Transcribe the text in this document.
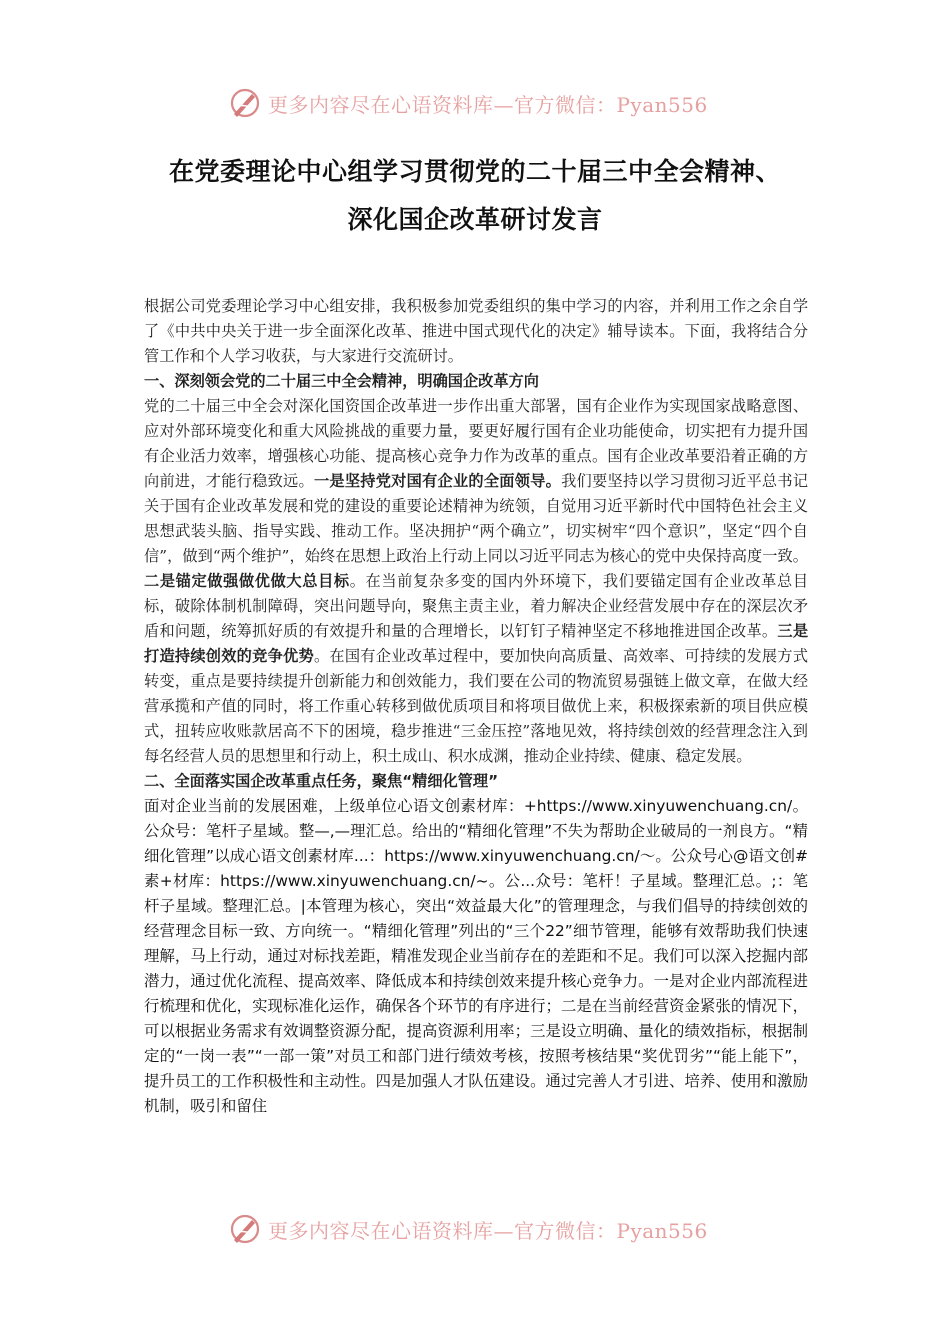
更多内容尽在心语资料库—官方微信：Pyan556
在党委理论中心组学习贯彻党的二十届三中全会精神、
深化国企改革研讨发言

根据公司党委理论学习中心组安排，我积极参加党委组织的集中学习的内容，并利用工作之余自学了《中共中央关于进一步全面深化改革、推进中国式现代化的决定》辅导读本。下面，我将结合分管工作和个人学习收获，与大家进行交流研讨。

一、深刻领会党的二十届三中全会精神，明确国企改革方向

党的二十届三中全会对深化国资国企改革进一步作出重大部署，国有企业作为实现国家战略意图、应对外部环境变化和重大风险挑战的重要力量，要更好履行国有企业功能使命，切实把有力提升国有企业活力效率，增强核心功能、提高核心竞争力作为改革的重点。国有企业改革要沿着正确的方向前进，才能行稳致远。一是坚持党对国有企业的全面领导。我们要坚持以学习贯彻习近平总书记关于国有企业改革发展和党的建设的重要论述精神为统领，自觉用习近平新时代中国特色社会主义思想武装头脑、指导实践、推动工作。坚决拥护“两个确立”，切实树牢“四个意识”，坚定“四个自信”，做到“两个维护”，始终在思想上政治上行动上同以习近平同志为核心的党中央保持高度一致。二是锚定做强做优做大总目标。在当前复杂多变的国内外环境下，我们要锚定国有企业改革总目标，破除体制机制障碍，突出问题导向，聚焦主责主业，着力解决企业经营发展中存在的深层次矛盾和问题，统筹抓好质的有效提升和量的合理增长，以钉钉子精神坚定不移地推进国企改革。三是打造持续创效的竞争优势。在国有企业改革过程中，要加快向高质量、高效率、可持续的发展方式转变，重点是要持续提升创新能力和创效能力，我们要在公司的物流贸易强链上做文章，在做大经营承揽和产值的同时，将工作重心转移到做优质项目和将项目做优上来，积极探索新的项目供应模式，扭转应收账款居高不下的困境，稳步推进“三金压控”落地见效，将持续创效的经营理念注入到每名经营人员的思想里和行动上，积土成山、积水成渊，推动企业持续、健康、稳定发展。

二、全面落实国企改革重点任务，聚焦“精细化管理”

面对企业当前的发展困难，上级单位心语文创素材库：+https://www.xinyuwenchuang.cn/。公众号：笔杆子星域。整—,—理汇总。给出的“精细化管理”不失为帮助企业破局的一剂良方。“精细化管理”以成心语文创素材库...：https://www.xinyuwenchuang.cn/～。公众号心@语文创#素+材库：https://www.xinyuwenchuang.cn/~。公...众号：笔杆！子星域。整理汇总。;：笔杆子星域。整理汇总。|本管理为核心，突出“效益最大化”的管理理念，与我们倡导的持续创效的经营理念目标一致、方向统一。“精细化管理”列出的“三个22”细节管理，能够有效帮助我们快速理解，马上行动，通过对标找差距，精准发现企业当前存在的差距和不足。我们可以深入挖掘内部潜力，通过优化流程、提高效率、降低成本和持续创效来提升核心竞争力。一是对企业内部流程进行梳理和优化，实现标准化运作，确保各个环节的有序进行；二是在当前经营资金紧张的情况下，可以根据业务需求有效调整资源分配，提高资源利用率；三是设立明确、量化的绩效指标，根据制定的“一岗一表”“一部一策”对员工和部门进行绩效考核，按照考核结果“奖优罚劣”“能上能下”，提升员工的工作积极性和主动性。四是加强人才队伍建设。通过完善人才引进、培养、使用和激励机制，吸引和留住

更多内容尽在心语资料库—官方微信：Pyan556
